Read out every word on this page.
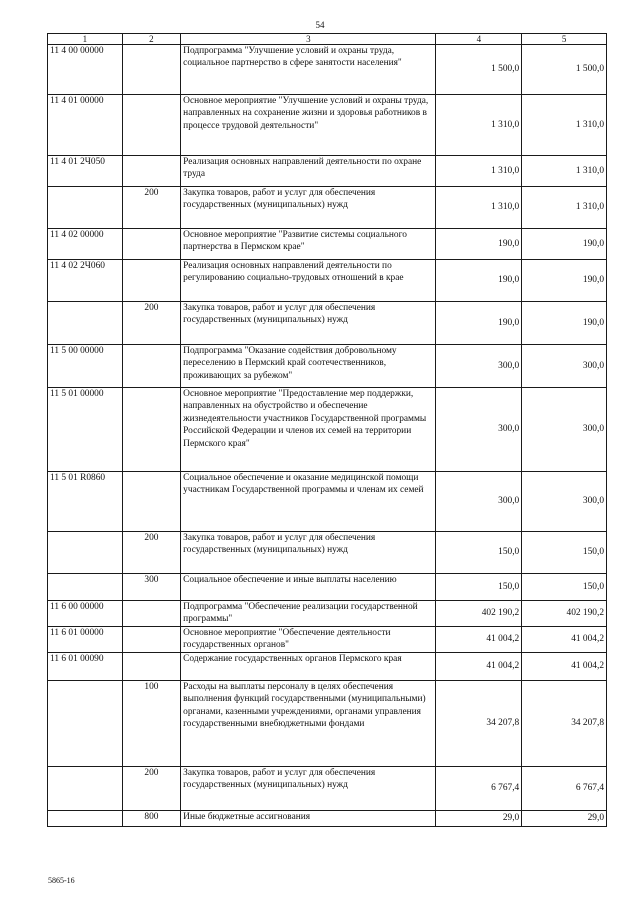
54
1	2	3	4	5
11 4 00 00000		Подпрограмма "Улучшение условий и охраны труда, социальное партнерство в сфере занятости населения"	1 500,0	1 500,0
11 4 01 00000		Основное мероприятие "Улучшение условий и охраны труда, направленных на сохранение жизни и здоровья работников в процессе трудовой деятельности"	1 310,0	1 310,0
11 4 01 2Ч050		Реализация основных направлений деятельности по охране труда	1 310,0	1 310,0
	200	Закупка товаров, работ и услуг для обеспечения государственных (муниципальных) нужд	1 310,0	1 310,0
11 4 02 00000		Основное мероприятие "Развитие системы социального партнерства в Пермском крае"	190,0	190,0
11 4 02 2Ч060		Реализация основных направлений деятельности по регулированию социально-трудовых отношений в крае	190,0	190,0
	200	Закупка товаров, работ и услуг для обеспечения государственных (муниципальных) нужд	190,0	190,0
11 5 00 00000		Подпрограмма "Оказание содействия добровольному переселению в Пермский край соотечественников, проживающих за рубежом"	300,0	300,0
11 5 01 00000		Основное мероприятие "Предоставление мер поддержки, направленных на обустройство и обеспечение жизнедеятельности участников Государственной программы Российской Федерации и членов их семей на территории Пермского края"	300,0	300,0
11 5 01 R0860		Социальное обеспечение и оказание медицинской помощи участникам Государственной программы и членам их семей	300,0	300,0
	200	Закупка товаров, работ и услуг для обеспечения государственных (муниципальных) нужд	150,0	150,0
	300	Социальное обеспечение и иные выплаты населению	150,0	150,0
11 6 00 00000		Подпрограмма "Обеспечение реализации государственной программы"	402 190,2	402 190,2
11 6 01 00000		Основное мероприятие "Обеспечение деятельности государственных органов"	41 004,2	41 004,2
11 6 01 00090		Содержание государственных органов Пермского края	41 004,2	41 004,2
	100	Расходы на выплаты персоналу в целях обеспечения выполнения функций государственными (муниципальными) органами, казенными учреждениями, органами управления государственными внебюджетными фондами	34 207,8	34 207,8
	200	Закупка товаров, работ и услуг для обеспечения государственных (муниципальных) нужд	6 767,4	6 767,4
	800	Иные бюджетные ассигнования	29,0	29,0
5865-16
